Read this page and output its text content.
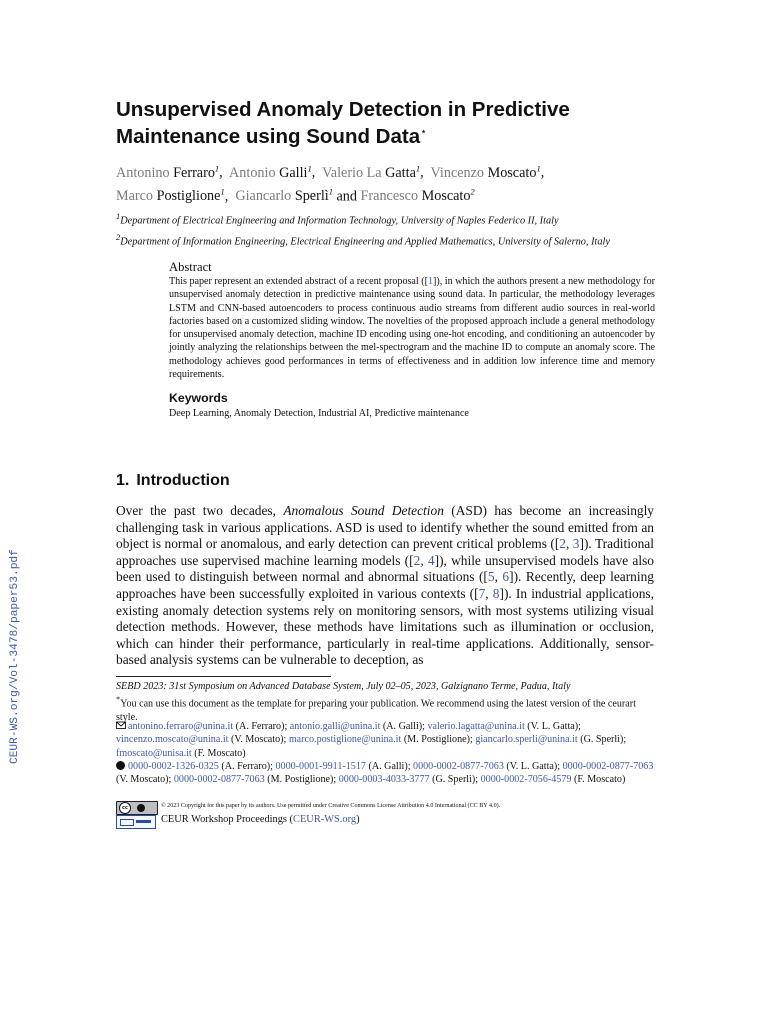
CEUR-WS.org/Vol-3478/paper53.pdf
Unsupervised Anomaly Detection in Predictive Maintenance using Sound Data⋆

Antonino Ferraro$^1$,  Antonio Galli$^1$,  Valerio La Gatta$^1$,  Vincenzo Moscato$^1$,
Marco Postiglione$^1$,  Giancarlo Sperlì$^1$ and Francesco Moscato$^2$

$^1$Department of Electrical Engineering and Information Technology, University of Naples Federico II, Italy
$^2$Department of Information Engineering, Electrical Engineering and Applied Mathematics, University of Salerno, Italy

Abstract

This paper represent an extended abstract of a recent proposal ([1]), in which the authors present a new methodology for unsupervised anomaly detection in predictive maintenance using sound data. In particular, the methodology leverages LSTM and CNN-based autoencoders to process continuous audio streams from different audio sources in real-world factories based on a customized sliding window. The novelties of the proposed approach include a general methodology for unsupervised anomaly detection, machine ID encoding using one-hot encoding, and conditioning an autoencoder by jointly analyzing the relationships between the mel-spectrogram and the machine ID to compute an anomaly score. The methodology achieves good performances in terms of effectiveness and in addition low inference time and memory requirements.

Keywords

Deep Learning, Anomaly Detection, Industrial AI, Predictive maintenance

1. Introduction

Over the past two decades, Anomalous Sound Detection (ASD) has become an increasingly challenging task in various applications. ASD is used to identify whether the sound emitted from an object is normal or anomalous, and early detection can prevent critical problems ([2, 3]). Traditional approaches use supervised machine learning models ([2, 4]), while unsupervised models have also been used to distinguish between normal and abnormal situations ([5, 6]). Recently, deep learning approaches have been successfully exploited in various contexts ([7, 8]). In industrial applications, existing anomaly detection systems rely on monitoring sensors, with most systems utilizing visual detection methods. However, these methods have limitations such as illumination or occlusion, which can hinder their performance, particularly in real-time applications. Additionally, sensor-based analysis systems can be vulnerable to deception, as

SEBD 2023: 31st Symposium on Advanced Database System, July 02–05, 2023, Galzignano Terme, Padua, Italy

*You can use this document as the template for preparing your publication. We recommend using the latest version of the ceurart style.

antonino.ferraro@unina.it (A. Ferraro); antonio.galli@unina.it (A. Galli); valerio.lagatta@unina.it (V. L. Gatta); vincenzo.moscato@unina.it (V. Moscato); marco.postiglione@unina.it (M. Postiglione); giancarlo.sperli@unina.it (G. Sperlì); fmoscato@unisa.it (F. Moscato)

0000-0002-1326-0325 (A. Ferraro); 0000-0001-9911-1517 (A. Galli); 0000-0002-0877-7063 (V. L. Gatta); 0000-0002-0877-7063 (V. Moscato); 0000-0002-0877-7063 (M. Postiglione); 0000-0003-4033-3777 (G. Sperlì); 0000-0002-7056-4579 (F. Moscato)

cc	© 2023 Copyright for this paper by its authors. Use permitted under Creative Commons License Attribution 4.0 International (CC BY 4.0).

CEUR Workshop Proceedings (CEUR-WS.org)
